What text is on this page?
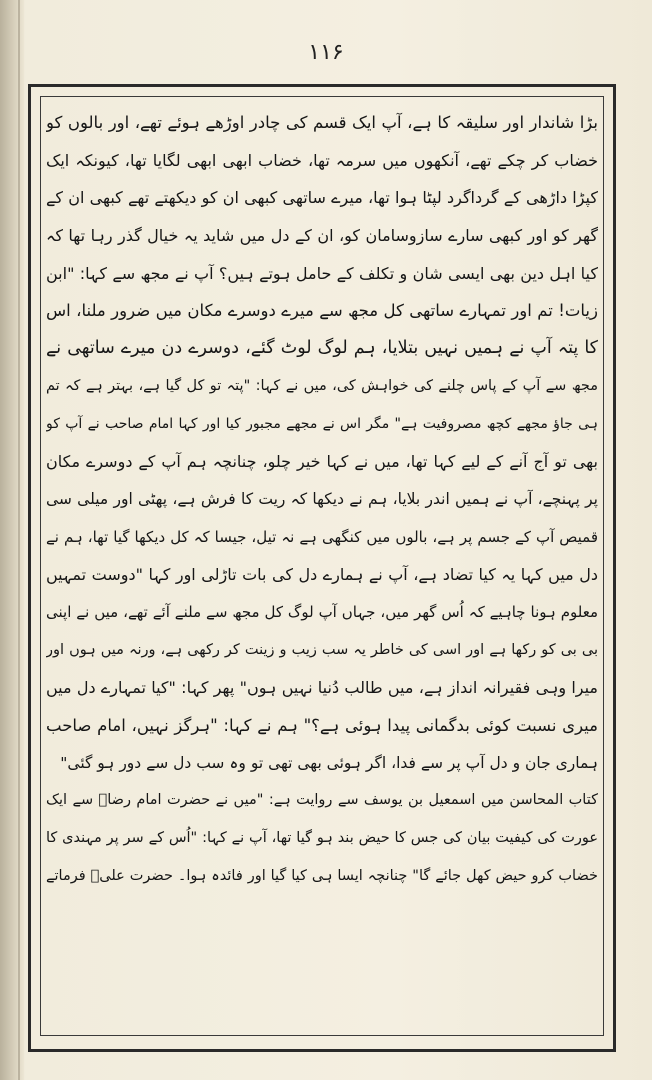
۱۱۶
بڑا شاندار اور سلیقہ کا ہے، آپ ایک قسم کی چادر اوڑھے ہوئے تھے، اور بالوں کو
خضاب کر چکے تھے، آنکھوں میں سرمہ تھا، خضاب ابھی ابھی لگایا تھا، کیونکہ ایک
کپڑا داڑھی کے گرداگرد لپٹا ہوا تھا، میرے ساتھی کبھی ان کو دیکھتے تھے کبھی ان کے
گھر کو اور کبھی سارے سازوسامان کو، ان کے دل میں شاید یہ خیال گذر رہا تھا کہ
کیا اہل دین بھی ایسی شان و تکلف کے حامل ہوتے ہیں؟ آپ نے مجھ سے کہا: "ابن
زیات! تم اور تمہارے ساتھی کل مجھ سے میرے دوسرے مکان میں ضرور ملنا، اس
کا پتہ آپ نے ہمیں نہیں بتلایا، ہم لوگ لوٹ گئے، دوسرے دن میرے ساتھی نے
مجھ سے آپ کے پاس چلنے کی خواہش کی، میں نے کہا: "پتہ تو کل گیا ہے، بہتر ہے کہ تم
ہی جاؤ مجھے کچھ مصروفیت ہے" مگر اس نے مجھے مجبور کیا اور کہا امام صاحب نے آپ کو
بھی تو آج آنے کے لیے کہا تھا، میں نے کہا خیر چلو، چنانچہ ہم آپ کے دوسرے مکان
پر پہنچے، آپ نے ہمیں اندر بلایا، ہم نے دیکھا کہ ریت کا فرش ہے، پھٹی اور میلی سی
قمیص آپ کے جسم پر ہے، بالوں میں کنگھی ہے نہ تیل، جیسا کہ کل دیکھا گیا تھا، ہم نے
دل میں کہا یہ کیا تضاد ہے، آپ نے ہمارے دل کی بات تاڑلی اور کہا "دوست تمہیں
معلوم ہونا چاہیے کہ اُس گھر میں، جہاں آپ لوگ کل مجھ سے ملنے آئے تھے، میں نے اپنی
بی بی کو رکھا ہے اور اسی کی خاطر یہ سب زیب و زینت کر رکھی ہے، ورنہ میں ہوں اور
میرا وہی فقیرانہ انداز ہے، میں طالب دُنیا نہیں ہوں" پھر کہا: "کیا تمہارے دل میں
میری نسبت کوئی بدگمانی پیدا ہوئی ہے؟" ہم نے کہا: "ہرگز نہیں، امام صاحب
ہماری جان و دل آپ پر سے فدا، اگر ہوئی بھی تھی تو وہ سب دل سے دور ہو گئی"
کتاب المحاسن میں اسمعیل بن یوسف سے روایت ہے: "میں نے حضرت امام رضاؑ سے ایک
عورت کی کیفیت بیان کی جس کا حیض بند ہو گیا تھا، آپ نے کہا: "اُس کے سر پر مہندی کا
خضاب کرو حیض کھل جائے گا" چنانچہ ایسا ہی کیا گیا اور فائدہ ہوا۔ حضرت علیؑ فرماتے
